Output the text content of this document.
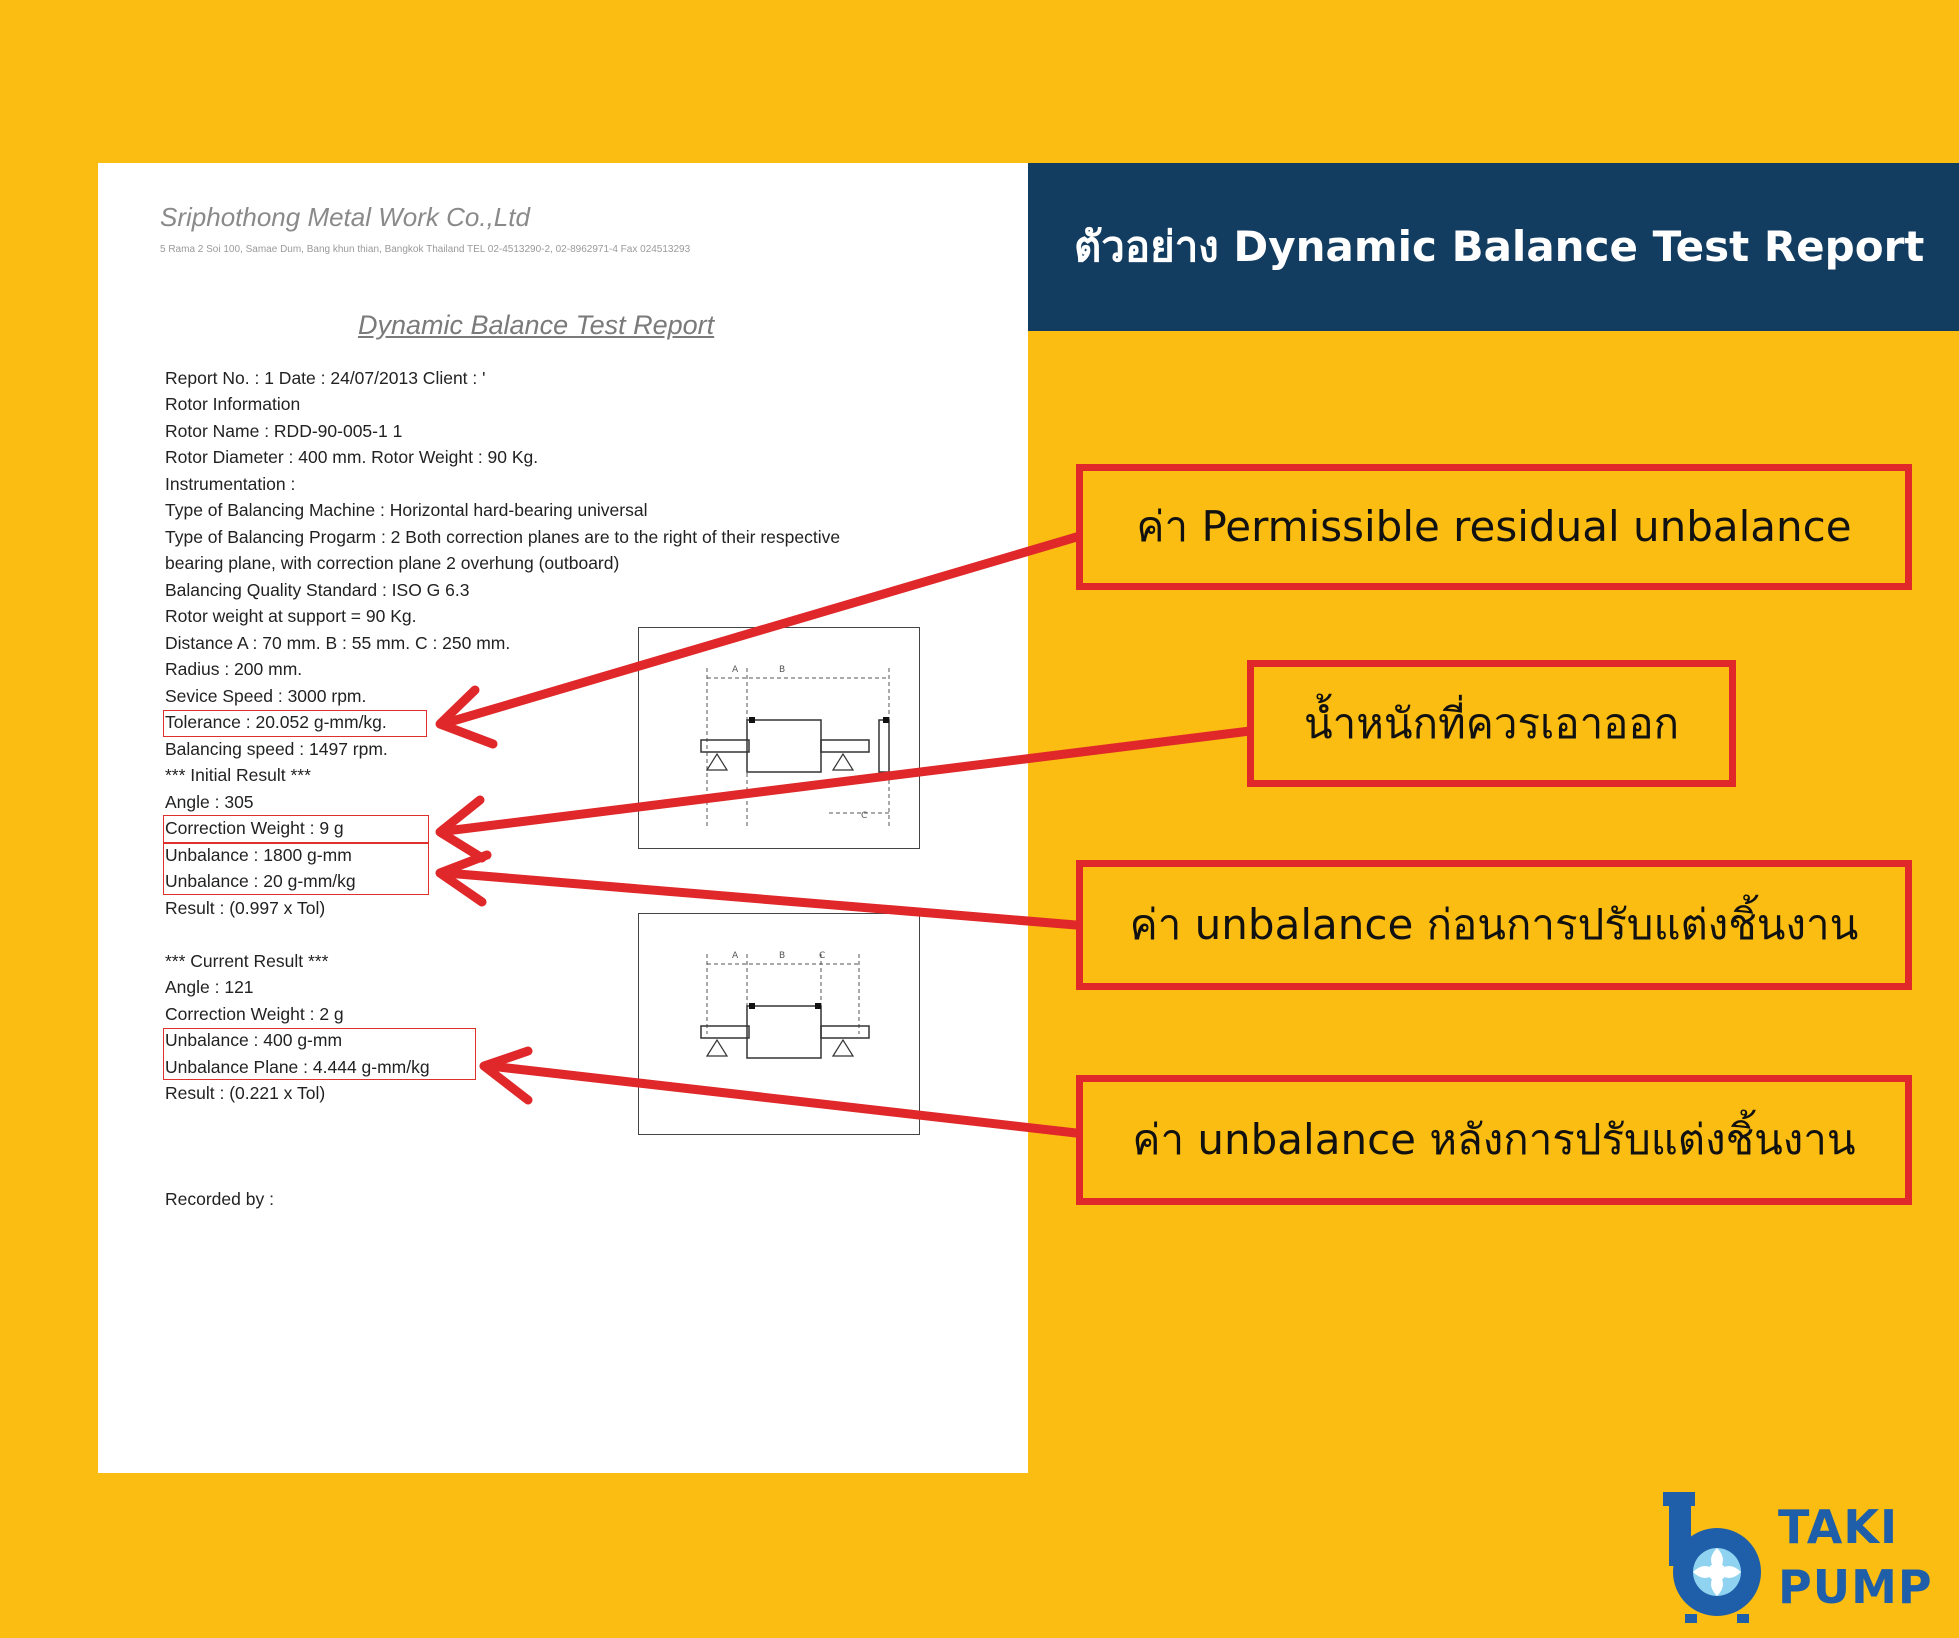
Sriphothong Metal Work Co.,Ltd
5 Rama 2 Soi 100, Samae Dum, Bang khun thian, Bangkok Thailand TEL 02-4513290-2, 02-8962971-4 Fax 024513293
Dynamic Balance Test Report
Report No. : 1 Date : 24/07/2013 Client : '
Rotor Information
Rotor Name : RDD-90-005-1 1
Rotor Diameter : 400 mm. Rotor Weight : 90 Kg.
Instrumentation :
Type of Balancing Machine : Horizontal hard-bearing universal
Type of Balancing Progarm : 2 Both correction planes are to the right of their respective
bearing plane, with correction plane 2 overhung (outboard)
Balancing Quality Standard : ISO G 6.3
Rotor weight at support = 90 Kg.
Distance A : 70 mm. B : 55 mm. C : 250 mm.
Radius : 200 mm.
Sevice Speed : 3000 rpm.
Tolerance : 20.052 g-mm/kg.
Balancing speed : 1497 rpm.
*** Initial Result ***
Angle : 305
Correction Weight : 9 g
Unbalance : 1800 g-mm
Unbalance : 20 g-mm/kg
Result : (0.997 x Tol)
*** Current Result ***
Angle : 121
Correction Weight : 2 g
Unbalance : 400 g-mm
Unbalance Plane : 4.444 g-mm/kg
Result : (0.221 x Tol)
Recorded by :
A	B
C
A	B	C
ตัวอย่าง Dynamic Balance Test Report
ค่า Permissible residual unbalance
น้ำหนักที่ควรเอาออก
ค่า unbalance ก่อนการปรับแต่งชิ้นงาน
ค่า unbalance หลังการปรับแต่งชิ้นงาน
TAKI
PUMP
